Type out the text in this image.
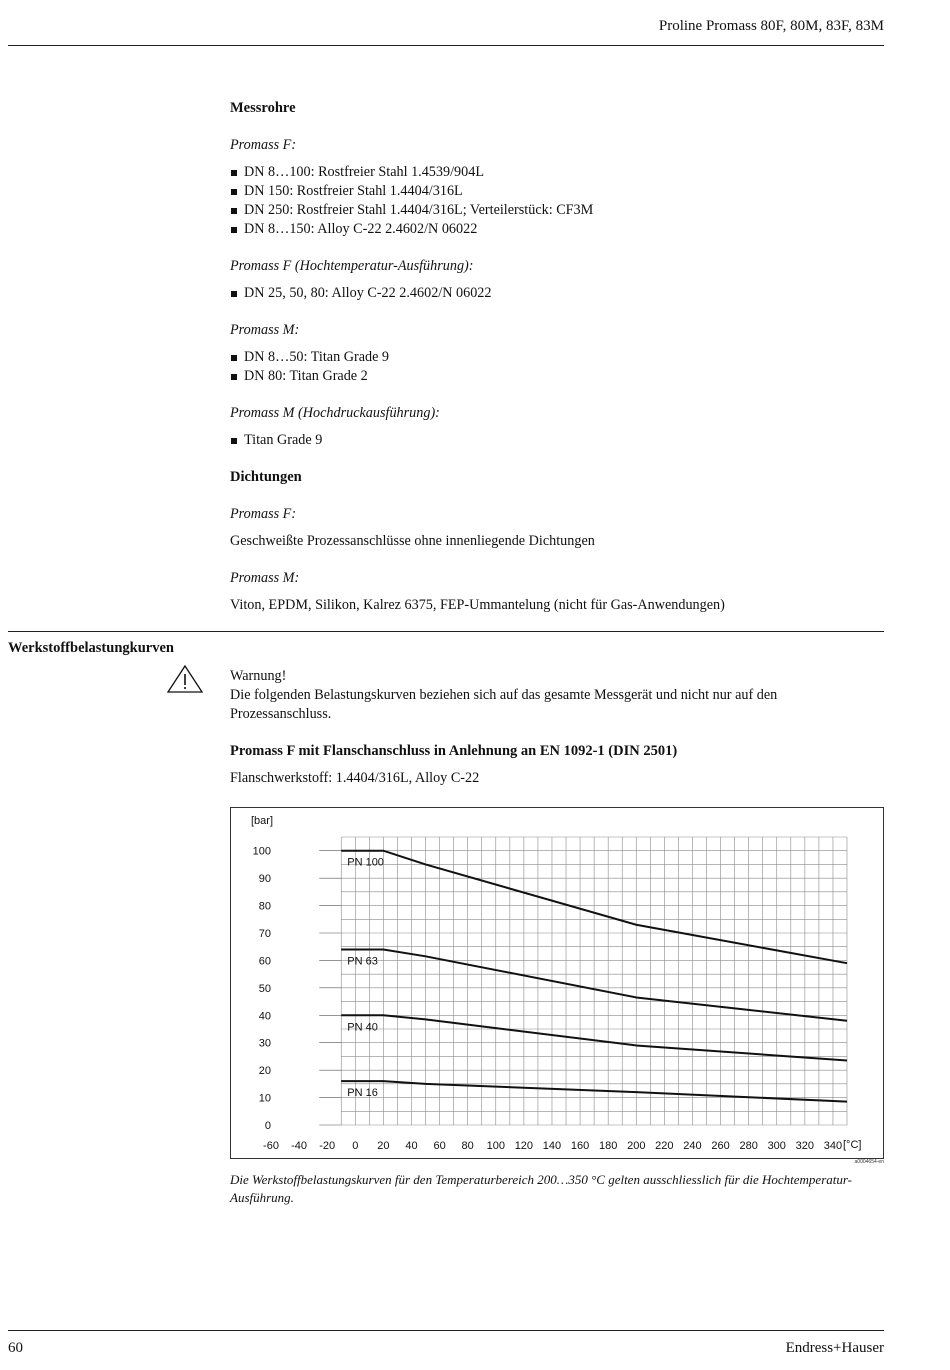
Proline Promass 80F, 80M, 83F, 83M
Messrohre
Promass F:
DN 8…100: Rostfreier Stahl 1.4539/904L
DN 150: Rostfreier Stahl 1.4404/316L
DN 250: Rostfreier Stahl 1.4404/316L; Verteilerstück: CF3M
DN 8…150: Alloy C-22 2.4602/N 06022
Promass F (Hochtemperatur-Ausführung):
DN 25, 50, 80: Alloy C-22 2.4602/N 06022
Promass M:
DN 8…50: Titan Grade 9
DN 80: Titan Grade 2
Promass M (Hochdruckausführung):
Titan Grade 9
Dichtungen
Promass F:
Geschweißte Prozessanschlüsse ohne innenliegende Dichtungen
Promass M:
Viton, EPDM, Silikon, Kalrez 6375, FEP-Ummantelung (nicht für Gas-Anwendungen)
Werkstoffbelastungkurven
Warnung!
Die folgenden Belastungskurven beziehen sich auf das gesamte Messgerät und nicht nur auf den Prozessanschluss.
Promass F mit Flanschanschluss in Anlehnung an EN 1092-1 (DIN 2501)
Flanschwerkstoff: 1.4404/316L, Alloy C-22
0
10
20
30
40
50
60
70
80
90
100
-60 -40 -20 0 20 40 60 80 100 120 140 160 180 200 220 240 260 280 300 320 340
[bar]
[°C]
PN 100
PN 63
PN 40
PN 16
a0004654-en
Die Werkstoffbelastungskurven für den Temperaturbereich 200…350 °C gelten ausschliesslich für die Hochtemperatur-Ausführung.
60	Endress+Hauser
